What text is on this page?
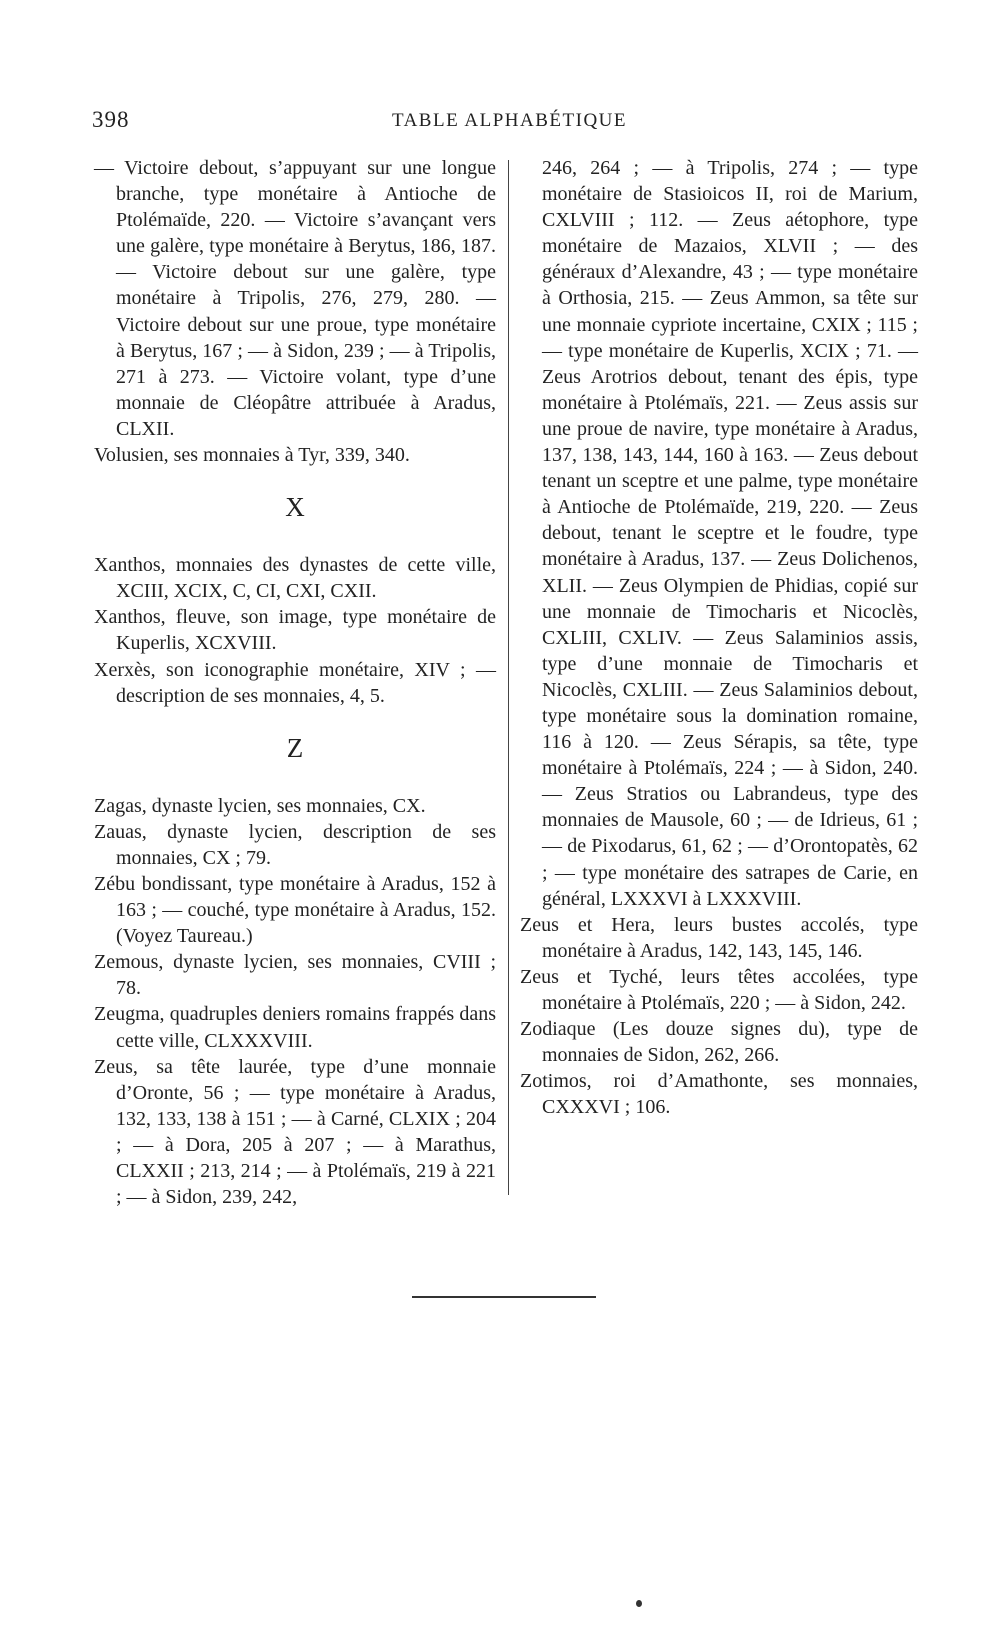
398	TABLE ALPHABÉTIQUE
— Victoire debout, s’appuyant sur une longue branche, type monétaire à Antioche de Ptolémaïde, 220. — Victoire s’avançant vers une galère, type monétaire à Berytus, 186, 187. — Victoire debout sur une galère, type monétaire à Tripolis, 276, 279, 280. — Victoire debout sur une proue, type monétaire à Berytus, 167 ; — à Sidon, 239 ; — à Tripolis, 271 à 273. — Victoire volant, type d’une monnaie de Cléopâtre attribuée à Aradus, CLXII.
Volusien, ses monnaies à Tyr, 339, 340.
X
Xanthos, monnaies des dynastes de cette ville, XCIII, XCIX, C, CI, CXI, CXII.
Xanthos, fleuve, son image, type monétaire de Kuperlis, XCXVIII.
Xerxès, son iconographie monétaire, XIV ; — description de ses monnaies, 4, 5.
Z
Zagas, dynaste lycien, ses monnaies, CX.
Zauas, dynaste lycien, description de ses monnaies, CX ; 79.
Zébu bondissant, type monétaire à Aradus, 152 à 163 ; — couché, type monétaire à Aradus, 152. (Voyez Taureau.)
Zemous, dynaste lycien, ses monnaies, CVIII ; 78.
Zeugma, quadruples deniers romains frappés dans cette ville, CLXXXVIII.
Zeus, sa tête laurée, type d’une monnaie d’Oronte, 56 ; — type monétaire à Aradus, 132, 133, 138 à 151 ; — à Carné, CLXIX ; 204 ; — à Dora, 205 à 207 ; — à Marathus, CLXXII ; 213, 214 ; — à Ptolémaïs, 219 à 221 ; — à Sidon, 239, 242,
246, 264 ; — à Tripolis, 274 ; — type monétaire de Stasioicos II, roi de Marium, CXLVIII ; 112. — Zeus aétophore, type monétaire de Mazaios, XLVII ; — des généraux d’Alexandre, 43 ; — type monétaire à Orthosia, 215. — Zeus Ammon, sa tête sur une monnaie cypriote incertaine, CXIX ; 115 ; — type monétaire de Kuperlis, XCIX ; 71. — Zeus Arotrios debout, tenant des épis, type monétaire à Ptolémaïs, 221. — Zeus assis sur une proue de navire, type monétaire à Aradus, 137, 138, 143, 144, 160 à 163. — Zeus debout tenant un sceptre et une palme, type monétaire à Antioche de Ptolémaïde, 219, 220. — Zeus debout, tenant le sceptre et le foudre, type monétaire à Aradus, 137. — Zeus Dolichenos, XLII. — Zeus Olympien de Phidias, copié sur une monnaie de Timocharis et Nicoclès, CXLIII, CXLIV. — Zeus Salaminios assis, type d’une monnaie de Timocharis et Nicoclès, CXLIII. — Zeus Salaminios debout, type monétaire sous la domination romaine, 116 à 120. — Zeus Sérapis, sa tête, type monétaire à Ptolémaïs, 224 ; — à Sidon, 240. — Zeus Stratios ou Labrandeus, type des monnaies de Mausole, 60 ; — de Idrieus, 61 ; — de Pixodarus, 61, 62 ; — d’Orontopatès, 62 ; — type monétaire des satrapes de Carie, en général, LXXXVI à LXXXVIII.
Zeus et Hera, leurs bustes accolés, type monétaire à Aradus, 142, 143, 145, 146.
Zeus et Tyché, leurs têtes accolées, type monétaire à Ptolémaïs, 220 ; — à Sidon, 242.
Zodiaque (Les douze signes du), type de monnaies de Sidon, 262, 266.
Zotimos, roi d’Amathonte, ses monnaies, CXXXVI ; 106.
